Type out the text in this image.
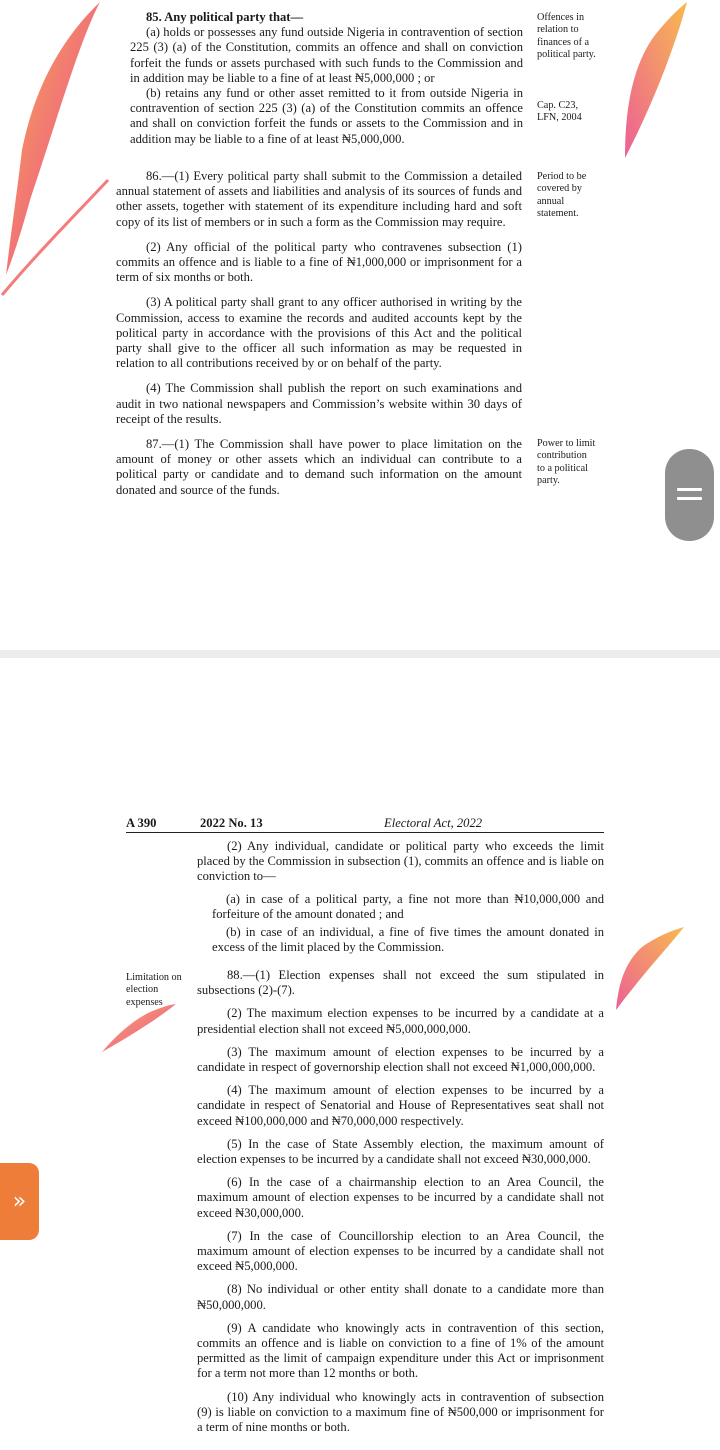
85. Any political party that—

(a) holds or possesses any fund outside Nigeria in contravention of section 225 (3) (a) of the Constitution, commits an offence and shall on conviction forfeit the funds or assets purchased with such funds to the Commission and in addition may be liable to a fine of at least ₦5,000,000 ; or

(b) retains any fund or other asset remitted to it from outside Nigeria in contravention of section 225 (3) (a) of the Constitution commits an offence and shall on conviction forfeit the funds or assets to the Commission and in addition may be liable to a fine of at least ₦5,000,000.

Offences in relation to finances of a political party.
Cap. C23, LFN, 2004

86.—(1) Every political party shall submit to the Commission a detailed annual statement of assets and liabilities and analysis of its sources of funds and other assets, together with statement of its expenditure including hard and soft copy of its list of members or in such a form as the Commission may require.

(2) Any official of the political party who contravenes subsection (1) commits an offence and is liable to a fine of ₦1,000,000 or imprisonment for a term of six months or both.

(3) A political party shall grant to any officer authorised in writing by the Commission, access to examine the records and audited accounts kept by the political party in accordance with the provisions of this Act and the political party shall give to the officer all such information as may be requested in relation to all contributions received by or on behalf of the party.

(4) The Commission shall publish the report on such examinations and audit in two national newspapers and Commission’s website within 30 days of receipt of the results.

87.—(1) The Commission shall have power to place limitation on the amount of money or other assets which an individual can contribute to a political party or candidate and to demand such information on the amount donated and source of the funds.

Period to be covered by annual statement.
Power to limit contribution to a political party.
A 390	2022 No. 13	Electoral Act, 2022

(2) Any individual, candidate or political party who exceeds the limit placed by the Commission in subsection (1), commits an offence and is liable on conviction to—

(a) in case of a political party, a fine not more than ₦10,000,000 and forfeiture of the amount donated ; and

(b) in case of an individual, a fine of five times the amount donated in excess of the limit placed by the Commission.

Limitation on election expenses

88.—(1) Election expenses shall not exceed the sum stipulated in subsections (2)-(7).

(2) The maximum election expenses to be incurred by a candidate at a presidential election shall not exceed ₦5,000,000,000.

(3) The maximum amount of election expenses to be incurred by a candidate in respect of governorship election shall not exceed ₦1,000,000,000.

(4) The maximum amount of election expenses to be incurred by a candidate in respect of Senatorial and House of Representatives seat shall not exceed ₦100,000,000 and ₦70,000,000 respectively.

(5) In the case of State Assembly election, the maximum amount of election expenses to be incurred by a candidate shall not exceed ₦30,000,000.

(6) In the case of a chairmanship election to an Area Council, the maximum amount of election expenses to be incurred by a candidate shall not exceed ₦30,000,000.

(7) In the case of Councillorship election to an Area Council, the maximum amount of election expenses to be incurred by a candidate shall not exceed ₦5,000,000.

(8) No individual or other entity shall donate to a candidate more than ₦50,000,000.

(9) A candidate who knowingly acts in contravention of this section, commits an offence and is liable on conviction to a fine of 1% of the amount permitted as the limit of campaign expenditure under this Act or imprisonment for a term not more than 12 months or both.

(10) Any individual who knowingly acts in contravention of subsection (9) is liable on conviction to a maximum fine of ₦500,000 or imprisonment for a term of nine months or both.

»
